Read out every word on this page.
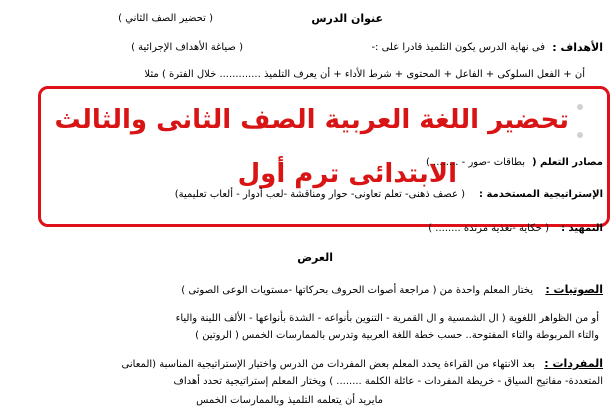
عنوان الدرس
( تحضير الصف الثاني )
الأهداف :
فى نهاية الدرس يكون التلميذ قادرا على :-
( صياغة الأهداف الإجرائية )
أن + الفعل السلوكى + الفاعل + المحتوى + شرط الأداء + أن يعرف التلميذ ............. خلال الفترة ) مثلا
تحضير اللغة العربية الصف الثانى والثالث
الابتدائى ترم أول	مصادر التعلم (
بطاقات -صور - ........ )
الإستراتيجية المستخدمة :
( عصف ذهنى- تعلم تعاونى- حوار ومناقشة -لعب أدوار - ألعاب تعليمية)
التمهيد :
( حكاية -تغذية مرتدة ........ )
العرض
الصوتيات :
يختار المعلم واحدة من ( مراجعة أصوات الحروف بحركاتها -مستويات الوعى الصوتى )
أو من الظواهر اللغوية ( ال الشمسية و ال القمرية - التنوين بأنواعه - الشدة بأنواعها - الألف اللينة والياء
والتاء المربوطة والتاء المفتوحة.. حسب خطة اللغة العربية وتدرس بالممارسات الخمس ( الروتين )
المفردات :
بعد الانتهاء من القراءة يحدد المعلم بعض المفردات من الدرس واختيار الإستراتيجية المناسبة (المعانى
المتعددة- مفاتيح السياق - خريطة المفردات - عائلة الكلمة ........ ) ويختار المعلم إستراتيجية تحدد أهداف
مايريد أن يتعلمه التلميذ وبالممارسات الخمس
